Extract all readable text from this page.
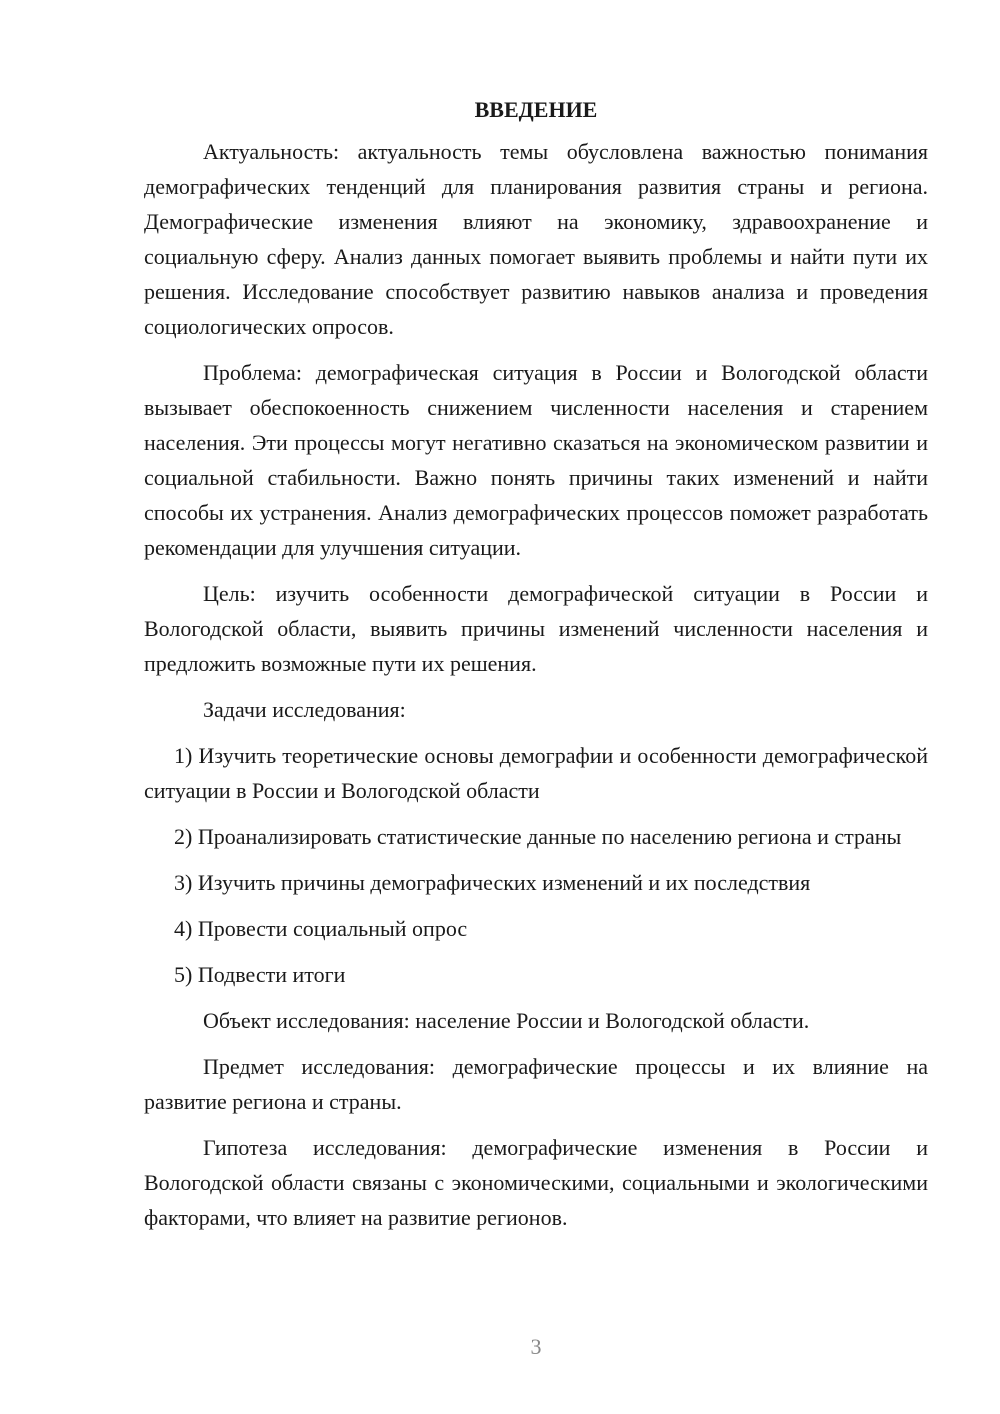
ВВЕДЕНИЕ

Актуальность: актуальность темы обусловлена важностью понимания демографических тенденций для планирования развития страны и региона. Демографические изменения влияют на экономику, здравоохранение и социальную сферу. Анализ данных помогает выявить проблемы и найти пути их решения. Исследование способствует развитию навыков анализа и проведения социологических опросов.

Проблема: демографическая ситуация в России и Вологодской области вызывает обеспокоенность снижением численности населения и старением населения. Эти процессы могут негативно сказаться на экономическом развитии и социальной стабильности. Важно понять причины таких изменений и найти способы их устранения. Анализ демографических процессов поможет разработать рекомендации для улучшения ситуации.

Цель: изучить особенности демографической ситуации в России и Вологодской области, выявить причины изменений численности населения и предложить возможные пути их решения.

Задачи исследования:

1) Изучить теоретические основы демографии и особенности демографической ситуации в России и Вологодской области

2) Проанализировать статистические данные по населению региона и страны

3) Изучить причины демографических изменений и их последствия

4) Провести социальный опрос

5) Подвести итоги

Объект исследования: население России и Вологодской области.

Предмет исследования: демографические процессы и их влияние на развитие региона и страны.

Гипотеза исследования: демографические изменения в России и Вологодской области связаны с экономическими, социальными и экологическими факторами, что влияет на развитие регионов.

3
